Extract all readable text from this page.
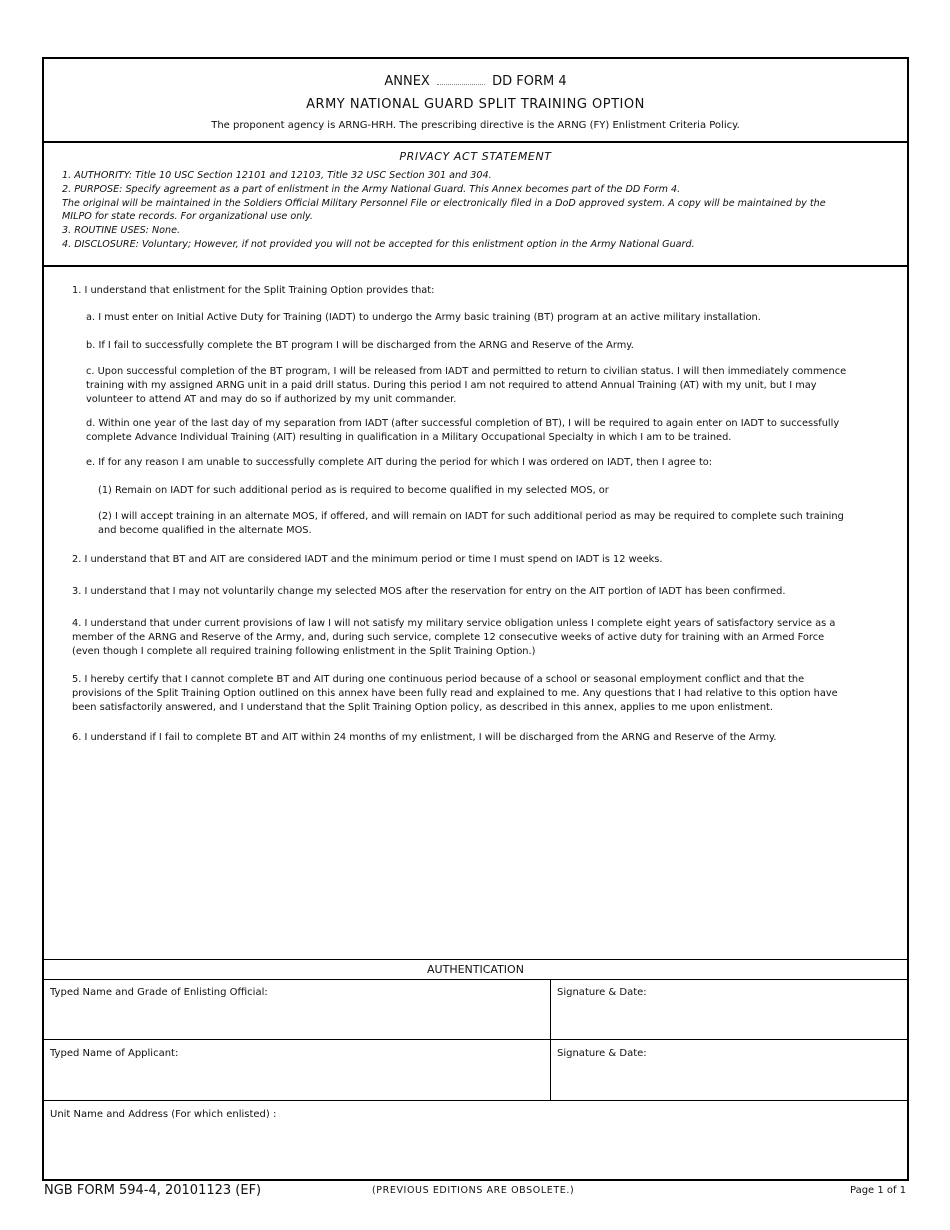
ANNEX	DD FORM 4
ARMY NATIONAL GUARD SPLIT TRAINING OPTION
The proponent agency is ARNG-HRH. The prescribing directive is the ARNG (FY) Enlistment Criteria Policy.
PRIVACY ACT STATEMENT
1. AUTHORITY: Title 10 USC Section 12101 and 12103, Title 32 USC Section 301 and 304.
2. PURPOSE: Specify agreement as a part of enlistment in the Army National Guard. This Annex becomes part of the DD Form 4.
The original will be maintained in the Soldiers Official Military Personnel File or electronically filed in a DoD approved system. A copy will be maintained by the MILPO for state records. For organizational use only.
3. ROUTINE USES: None.
4. DISCLOSURE: Voluntary; However, if not provided you will not be accepted for this enlistment option in the Army National Guard.
1. I understand that enlistment for the Split Training Option provides that:
a. I must enter on Initial Active Duty for Training (IADT) to undergo the Army basic training (BT) program at an active military installation.
b. If I fail to successfully complete the BT program I will be discharged from the ARNG and Reserve of the Army.
c. Upon successful completion of the BT program, I will be released from IADT and permitted to return to civilian status. I will then immediately commence training with my assigned ARNG unit in a paid drill status. During this period I am not required to attend Annual Training (AT) with my unit, but I may volunteer to attend AT and may do so if authorized by my unit commander.
d. Within one year of the last day of my separation from IADT (after successful completion of BT), I will be required to again enter on IADT to successfully complete Advance Individual Training (AIT) resulting in qualification in a Military Occupational Specialty in which I am to be trained.
e. If for any reason I am unable to successfully complete AIT during the period for which I was ordered on IADT, then I agree to:
(1) Remain on IADT for such additional period as is required to become qualified in my selected MOS, or
(2) I will accept training in an alternate MOS, if offered, and will remain on IADT for such additional period as may be required to complete such training and become qualified in the alternate MOS.
2. I understand that BT and AIT are considered IADT and the minimum period or time I must spend on IADT is 12 weeks.
3. I understand that I may not voluntarily change my selected MOS after the reservation for entry on the AIT portion of IADT has been confirmed.
4. I understand that under current provisions of law I will not satisfy my military service obligation unless I complete eight years of satisfactory service as a member of the ARNG and Reserve of the Army, and, during such service, complete 12 consecutive weeks of active duty for training with an Armed Force (even though I complete all required training following enlistment in the Split Training Option.)
5. I hereby certify that I cannot complete BT and AIT during one continuous period because of a school or seasonal employment conflict and that the provisions of the Split Training Option outlined on this annex have been fully read and explained to me. Any questions that I had relative to this option have been satisfactorily answered, and I understand that the Split Training Option policy, as described in this annex, applies to me upon enlistment.
6. I understand if I fail to complete BT and AIT within 24 months of my enlistment, I will be discharged from the ARNG and Reserve of the Army.
AUTHENTICATION
Typed Name and Grade of Enlisting Official:	Signature & Date:
Typed Name of Applicant:	Signature & Date:
Unit Name and Address (For which enlisted) :
NGB FORM 594-4, 20101123 (EF)	(PREVIOUS EDITIONS ARE OBSOLETE.)	Page 1 of 1
